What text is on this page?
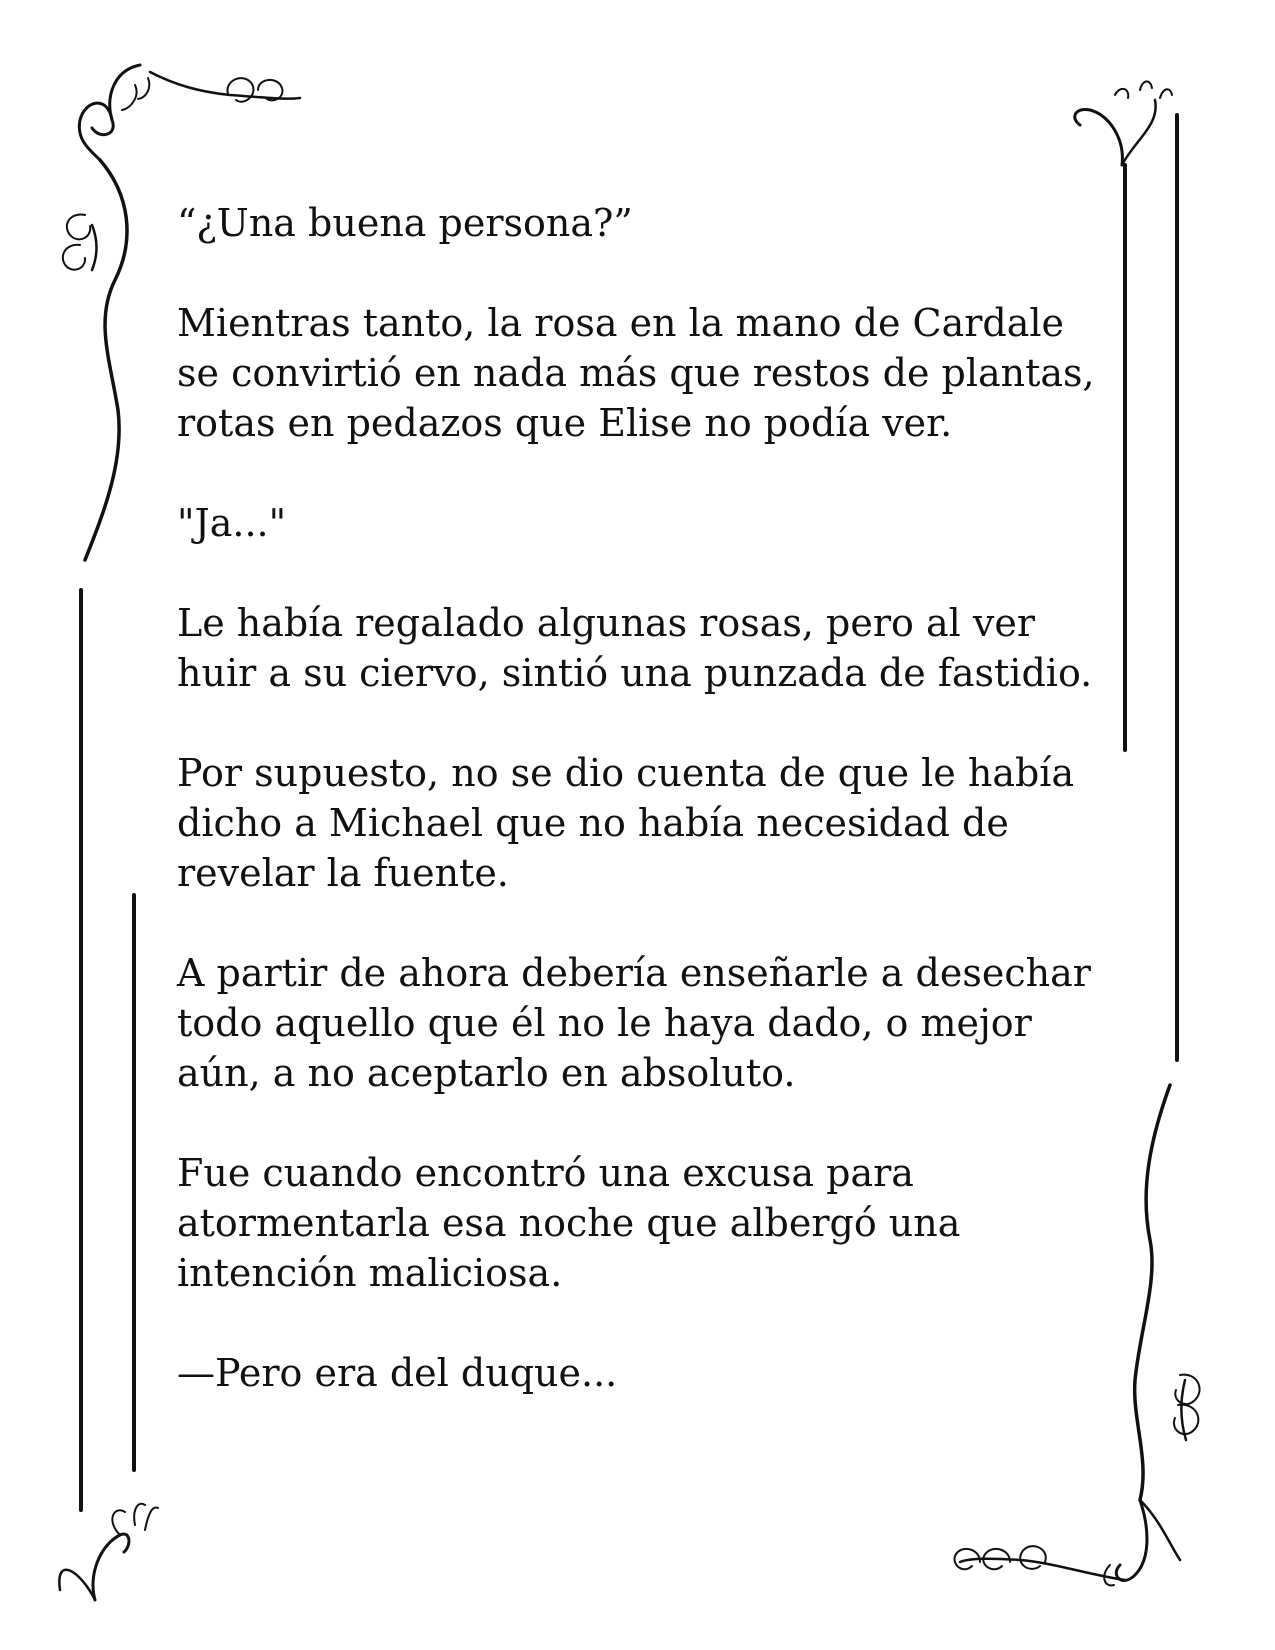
“¿Una buena persona?”

Mientras tanto, la rosa en la mano de Cardale
se convirtió en nada más que restos de plantas,
rotas en pedazos que Elise no podía ver.

"Ja..."

Le había regalado algunas rosas, pero al ver
huir a su ciervo, sintió una punzada de fastidio.

Por supuesto, no se dio cuenta de que le había
dicho a Michael que no había necesidad de
revelar la fuente.

A partir de ahora debería enseñarle a desechar
todo aquello que él no le haya dado, o mejor
aún, a no aceptarlo en absoluto.

Fue cuando encontró una excusa para
atormentarla esa noche que albergó una
intención maliciosa.

—Pero era del duque...
